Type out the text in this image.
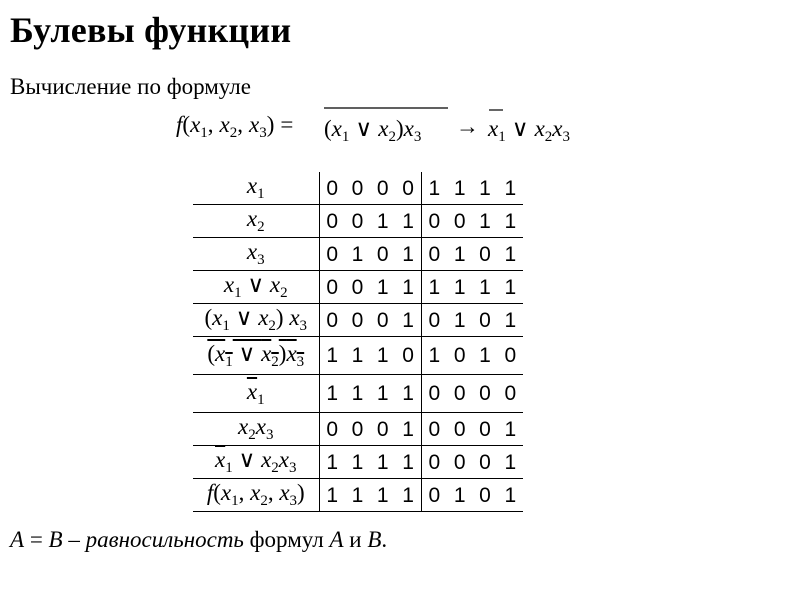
Булевы функции
Вычисление по формуле
$f(x_1$, $x_2$, $x_3) = (x_1$ ∨ $x_2)x_3 \to x_1$ ∨ $x_2x_3$
$x_1$	0	0	0	0	1	1	1	1
$x_2$	0	0	1	1	0	0	1	1
$x_3$	0	1	0	1	0	1	0	1
$x_1$ ∨ $x_2$	0	0	1	1	1	1	1	1
($x_1$ ∨ $x_2$) $x_3$	0	0	0	1	0	1	0	1
($x_1$ ∨ $x_2)x_3$	1	1	1	0	1	0	1	0
$\overline{x}_1$	1	1	1	1	0	0	0	0
$x_2x_3$	0	0	0	1	0	0	0	1
$\overline{x}_1$ ∨ $x_2x_3$	1	1	1	1	0	0	0	1
$f(x_1$, $x_2$, $x_3$)	1	1	1	1	0	1	0	1
A = B – равносильность формул A и B.
